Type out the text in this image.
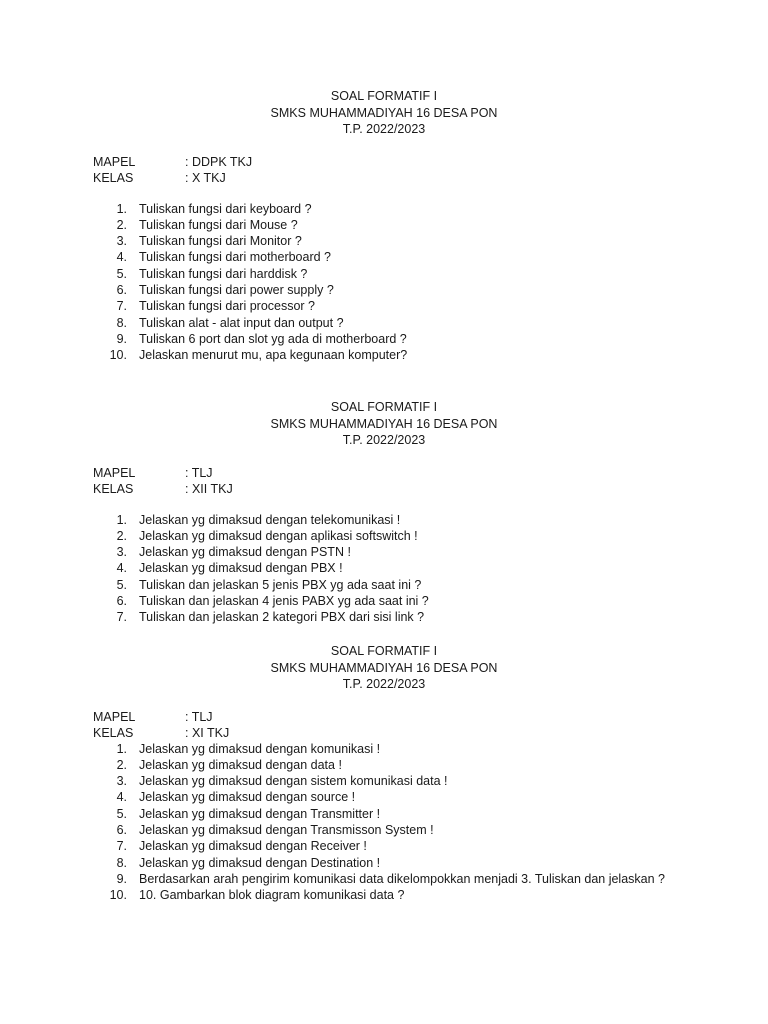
SOAL FORMATIF I
SMKS MUHAMMADIYAH 16 DESA PON
T.P. 2022/2023
MAPEL	: DDPK TKJ
KELAS	: X TKJ
1. Tuliskan fungsi dari keyboard ?
2. Tuliskan fungsi dari Mouse ?
3. Tuliskan fungsi dari Monitor ?
4. Tuliskan fungsi dari motherboard ?
5. Tuliskan fungsi dari harddisk ?
6. Tuliskan fungsi dari power supply ?
7. Tuliskan fungsi dari processor ?
8. Tuliskan alat - alat input dan output ?
9. Tuliskan 6 port dan slot yg ada di motherboard ?
10. Jelaskan menurut mu, apa kegunaan komputer?
SOAL FORMATIF I
SMKS MUHAMMADIYAH 16 DESA PON
T.P. 2022/2023
MAPEL	: TLJ
KELAS	: XII TKJ
1. Jelaskan yg dimaksud dengan telekomunikasi !
2. Jelaskan yg dimaksud dengan aplikasi softswitch !
3. Jelaskan yg dimaksud dengan PSTN !
4. Jelaskan yg dimaksud dengan PBX !
5. Tuliskan dan jelaskan 5 jenis PBX yg ada saat ini ?
6. Tuliskan dan jelaskan 4 jenis PABX yg ada saat ini ?
7. Tuliskan dan jelaskan 2 kategori PBX dari sisi link ?
SOAL FORMATIF I
SMKS MUHAMMADIYAH 16 DESA PON
T.P. 2022/2023
MAPEL	: TLJ
KELAS	: XI TKJ
1. Jelaskan yg dimaksud dengan komunikasi !
2. Jelaskan yg dimaksud dengan data !
3. Jelaskan yg dimaksud dengan sistem komunikasi data !
4. Jelaskan yg dimaksud dengan source !
5. Jelaskan yg dimaksud dengan Transmitter !
6. Jelaskan yg dimaksud dengan Transmisson System !
7. Jelaskan yg dimaksud dengan Receiver !
8. Jelaskan yg dimaksud dengan Destination !
9. Berdasarkan arah pengirim komunikasi data dikelompokkan menjadi 3. Tuliskan dan jelaskan ?
10. 10. Gambarkan blok diagram komunikasi data ?
